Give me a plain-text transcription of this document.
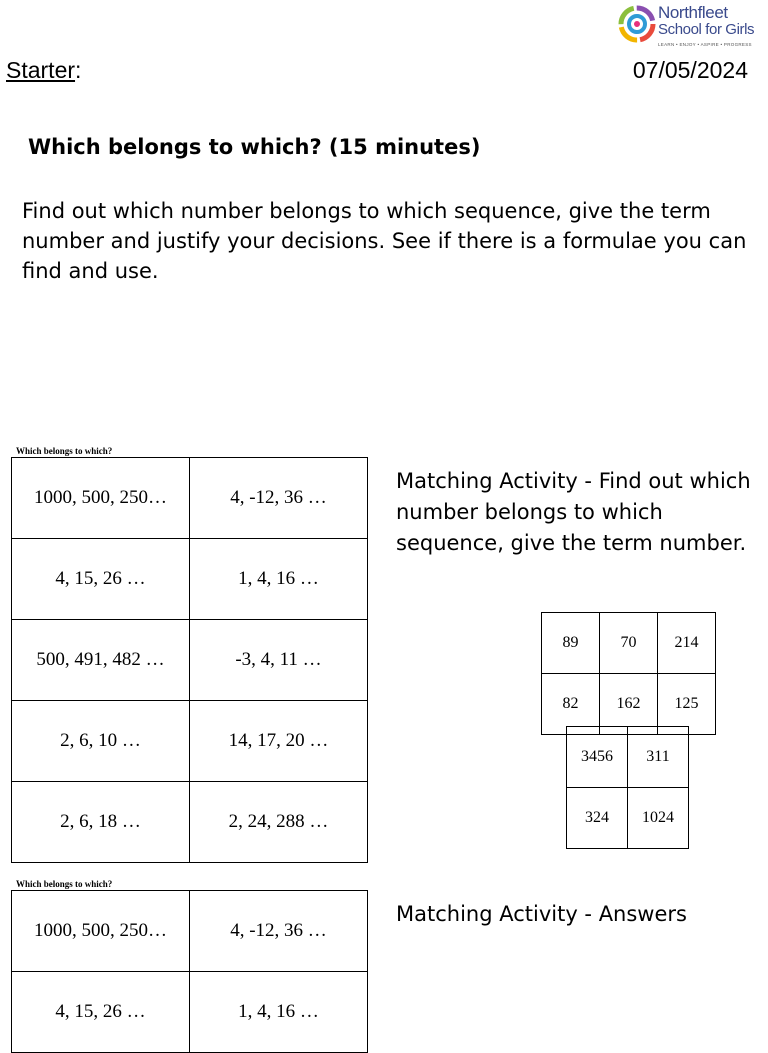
Northfleet
School for Girls
LEARN • ENJOY • ASPIRE • PROGRESS
Starter:	07/05/2024
Which belongs to which? (15 minutes)
Find out which number belongs to which sequence, give the term number and justify your decisions. See if there is a formulae you can find and use.
Which belongs to which?
1000, 500, 250…	4, -12, 36 …
4, 15, 26 …	1, 4, 16 …
500, 491, 482 …	-3, 4, 11 …
2, 6, 10 …	14, 17, 20 …
2, 6, 18 …	2, 24, 288 …
Matching Activity - Find out which number belongs to which sequence, give the term number.
89	70	214
82	162	125
3456	311
324	1024
Which belongs to which?
1000, 500, 250…	4, -12, 36 …
4, 15, 26 …	1, 4, 16 …
Matching Activity - Answers
